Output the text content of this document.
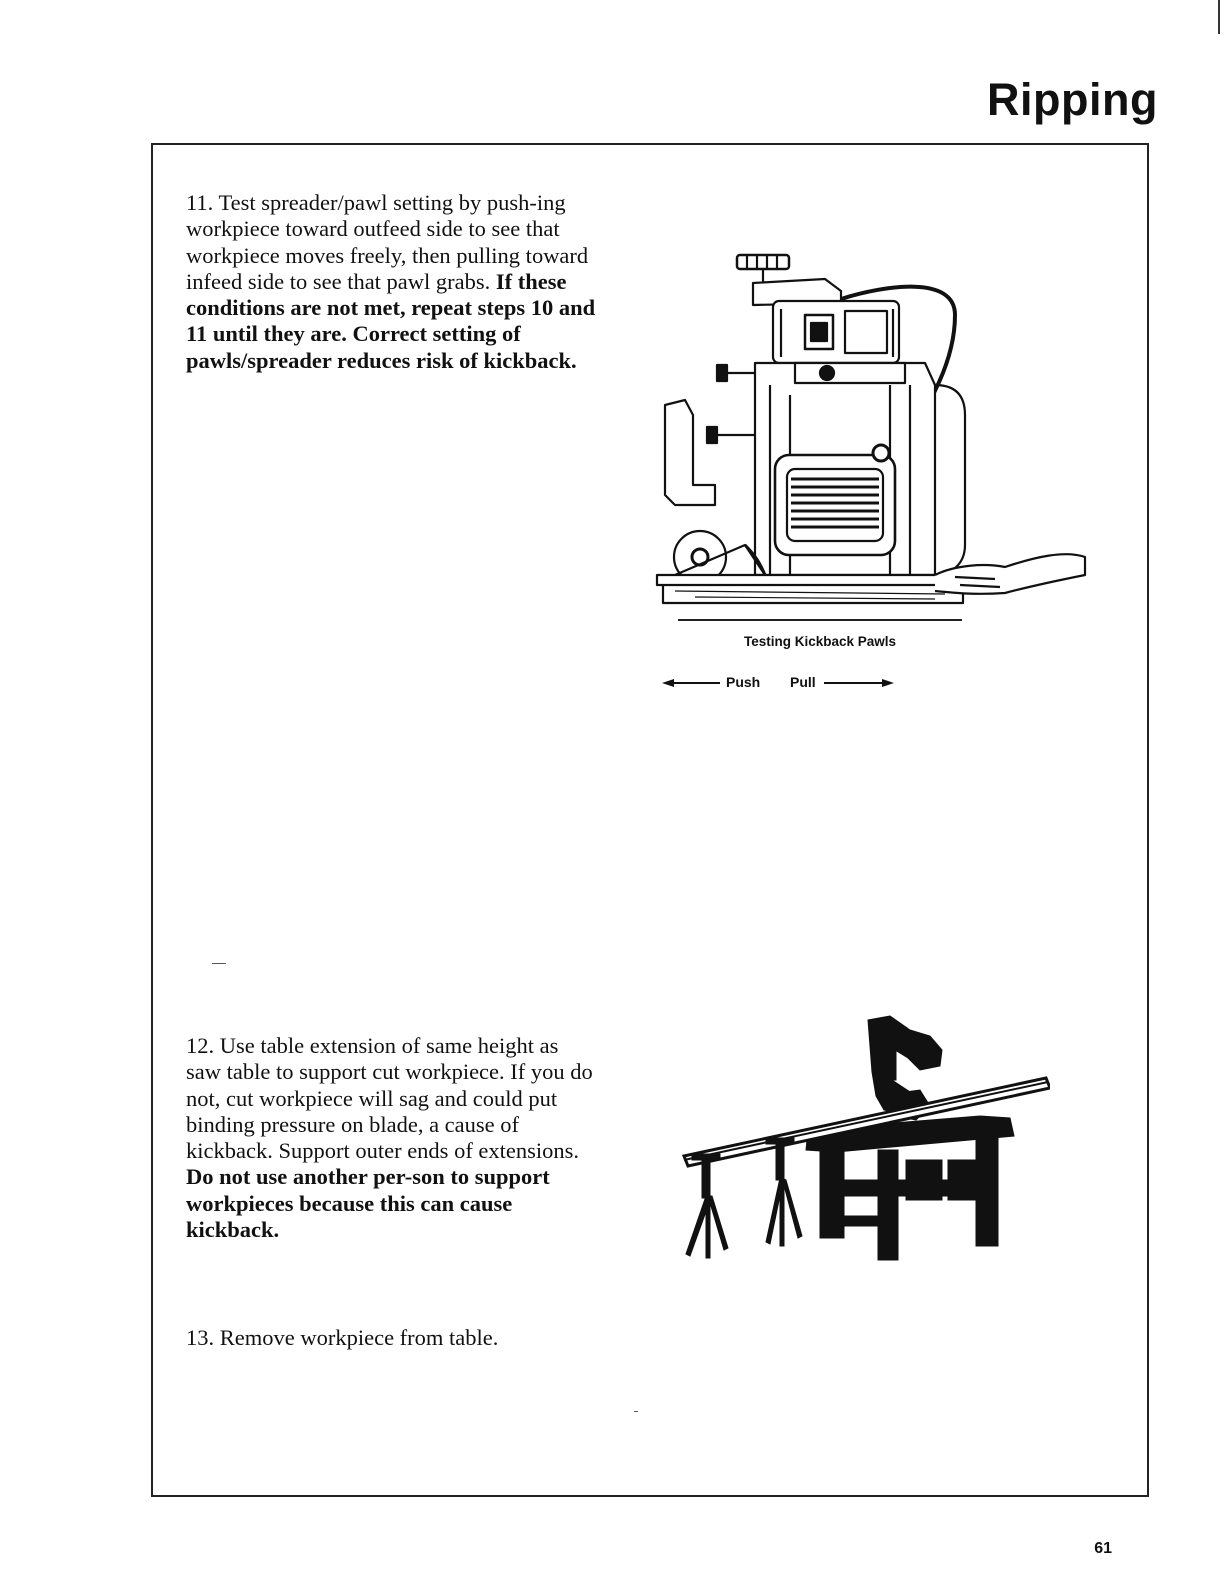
Ripping
11. Test spreader/pawl setting by push-ing workpiece toward outfeed side to see that workpiece moves freely, then pulling toward infeed side to see that pawl grabs. If these conditions are not met, repeat steps 10 and 11 until they are. Correct setting of pawls/spreader reduces risk of kickback.
Testing Kickback Pawls
Push Pull
12. Use table extension of same height as saw table to support cut workpiece. If you do not, cut workpiece will sag and could put binding pressure on blade, a cause of kickback. Support outer ends of extensions. Do not use another per-son to support workpieces because this can cause kickback.
13. Remove workpiece from table.
61
